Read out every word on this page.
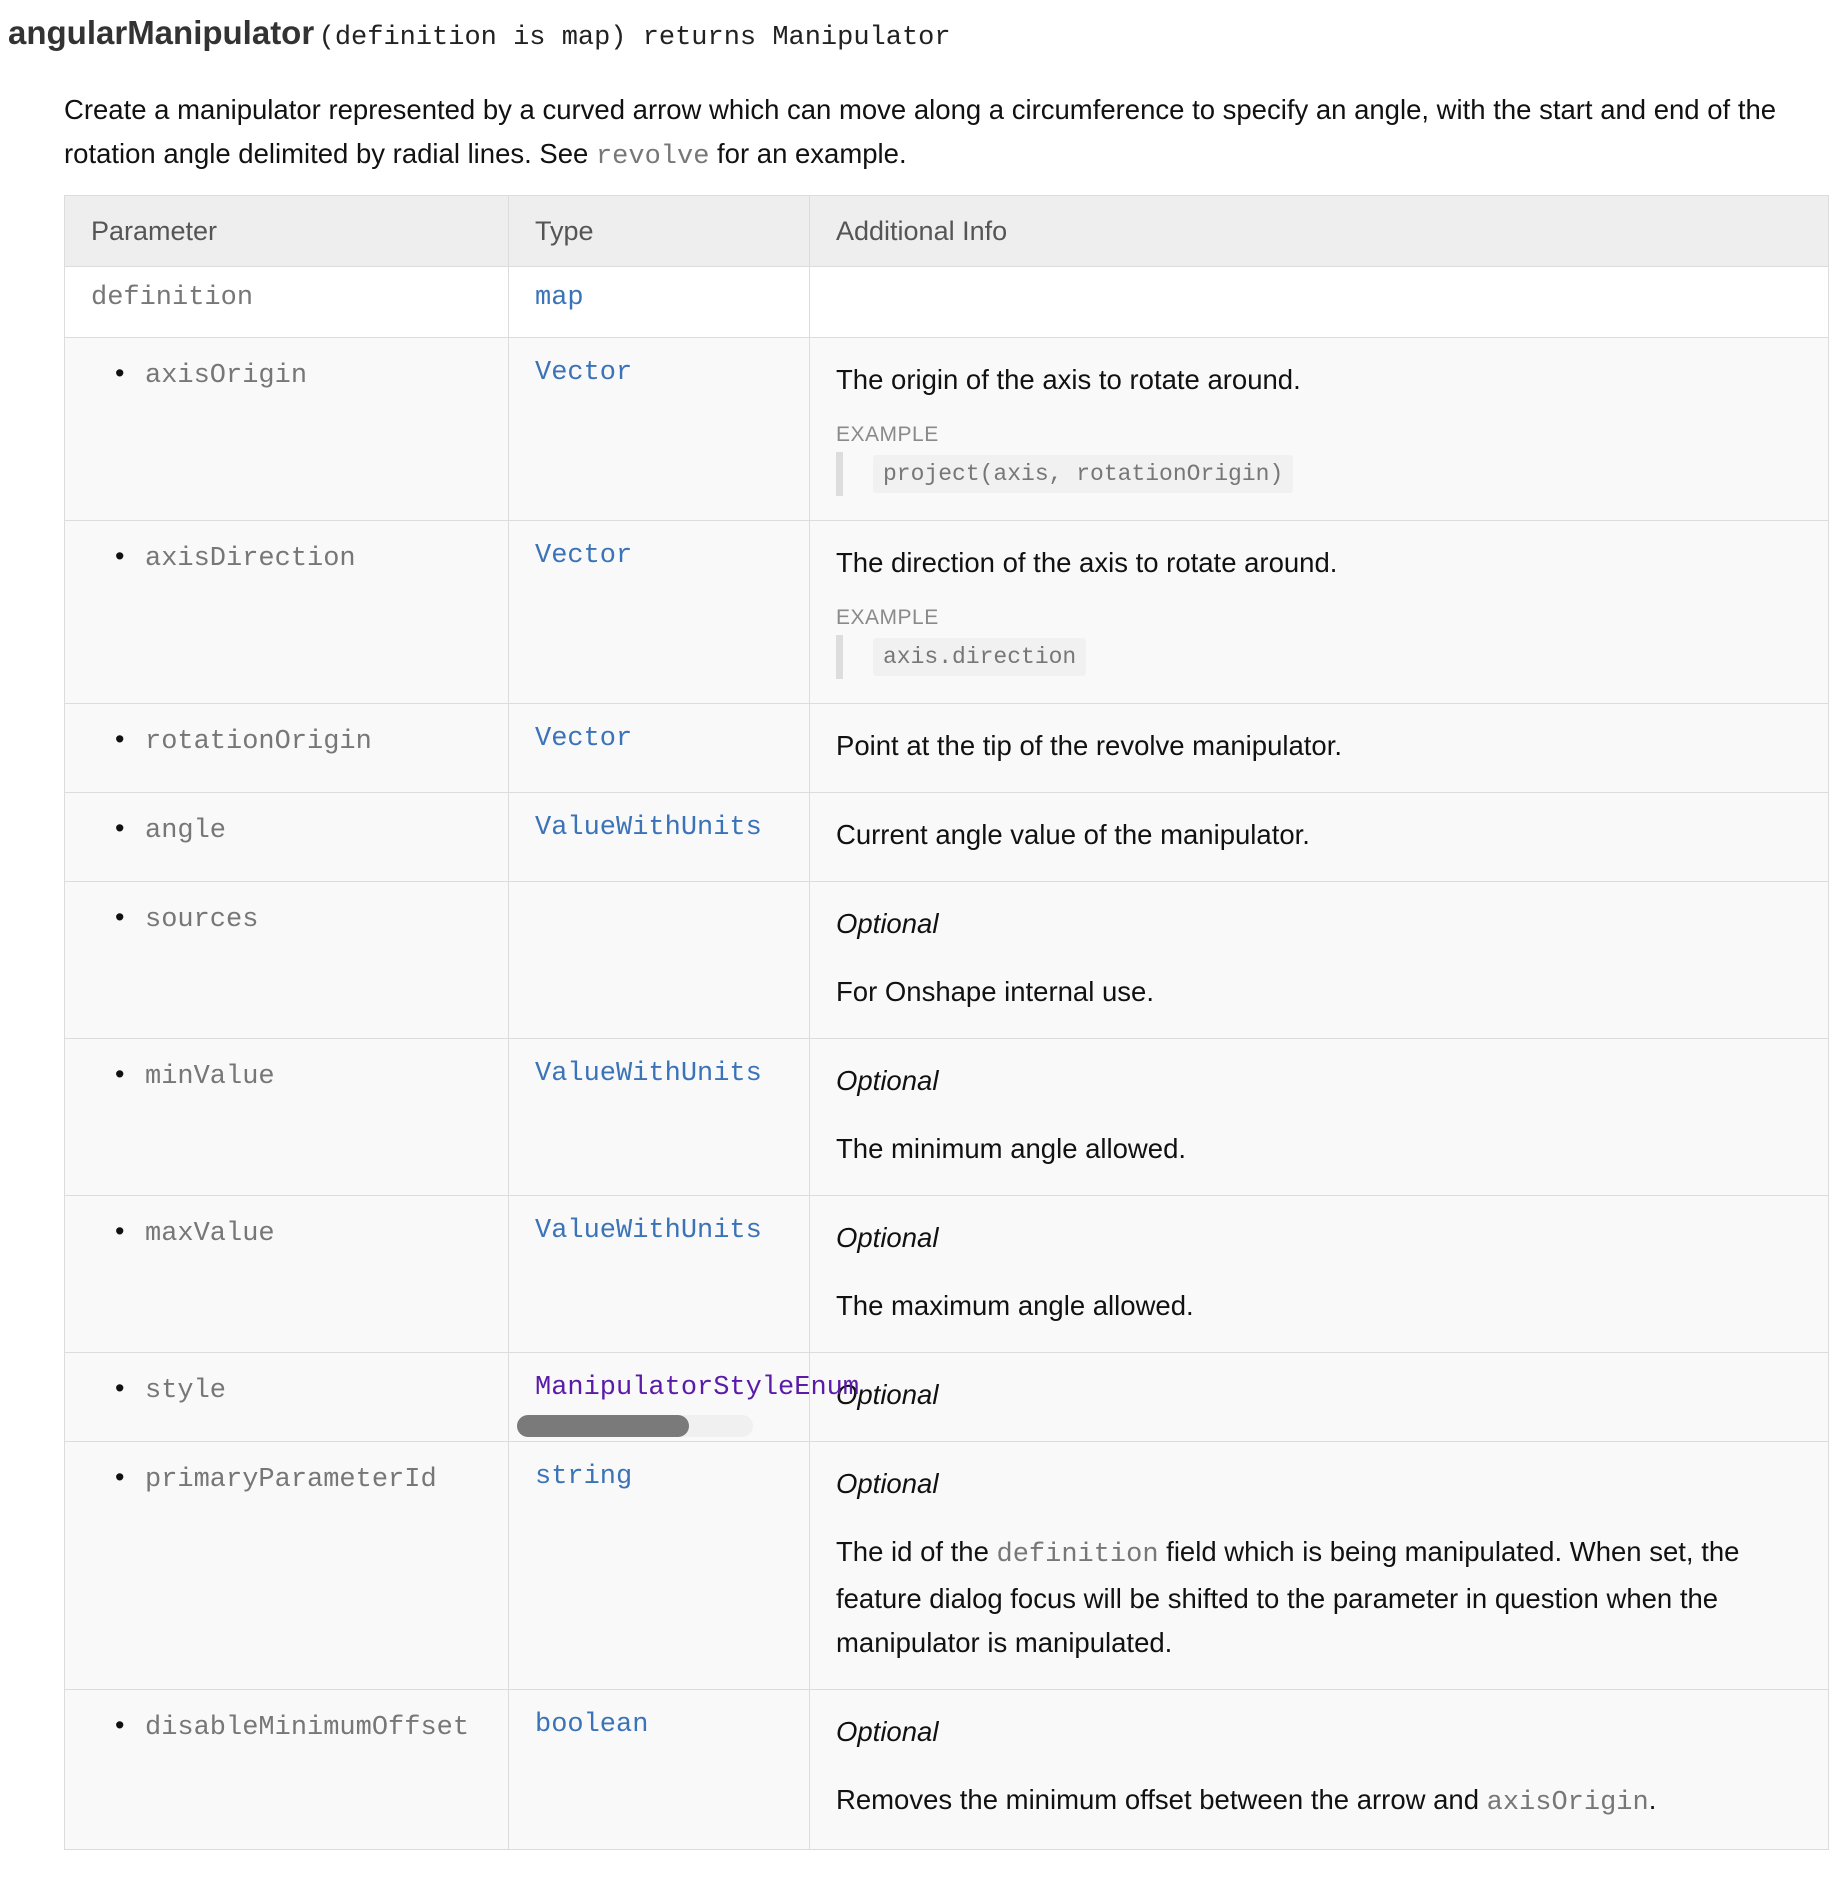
angularManipulator (definition is map) returns Manipulator
Create a manipulator represented by a curved arrow which can move along a circumference to specify an angle, with the start and end of the rotation angle delimited by radial lines. See revolve for an example.
Parameter	Type	Additional Info
definition	map	
• axisOrigin	Vector	The origin of the axis to rotate around.

EXAMPLE
project(axis, rotationOrigin)

• axisDirection	Vector	The direction of the axis to rotate around.

EXAMPLE
axis.direction

• rotationOrigin	Vector	Point at the tip of the revolve manipulator.
• angle	ValueWithUnits	Current angle value of the manipulator.
• sources		Optional

For Onshape internal use.

• minValue	ValueWithUnits	Optional

The minimum angle allowed.

• maxValue	ValueWithUnits	Optional

The maximum angle allowed.

• style	ManipulatorStyleEnum	Optional

• primaryParameterId	string	Optional

The id of the definition field which is being manipulated. When set, the feature dialog focus will be shifted to the parameter in question when the manipulator is manipulated.

• disableMinimumOffset	boolean	Optional

Removes the minimum offset between the arrow and axisOrigin.
